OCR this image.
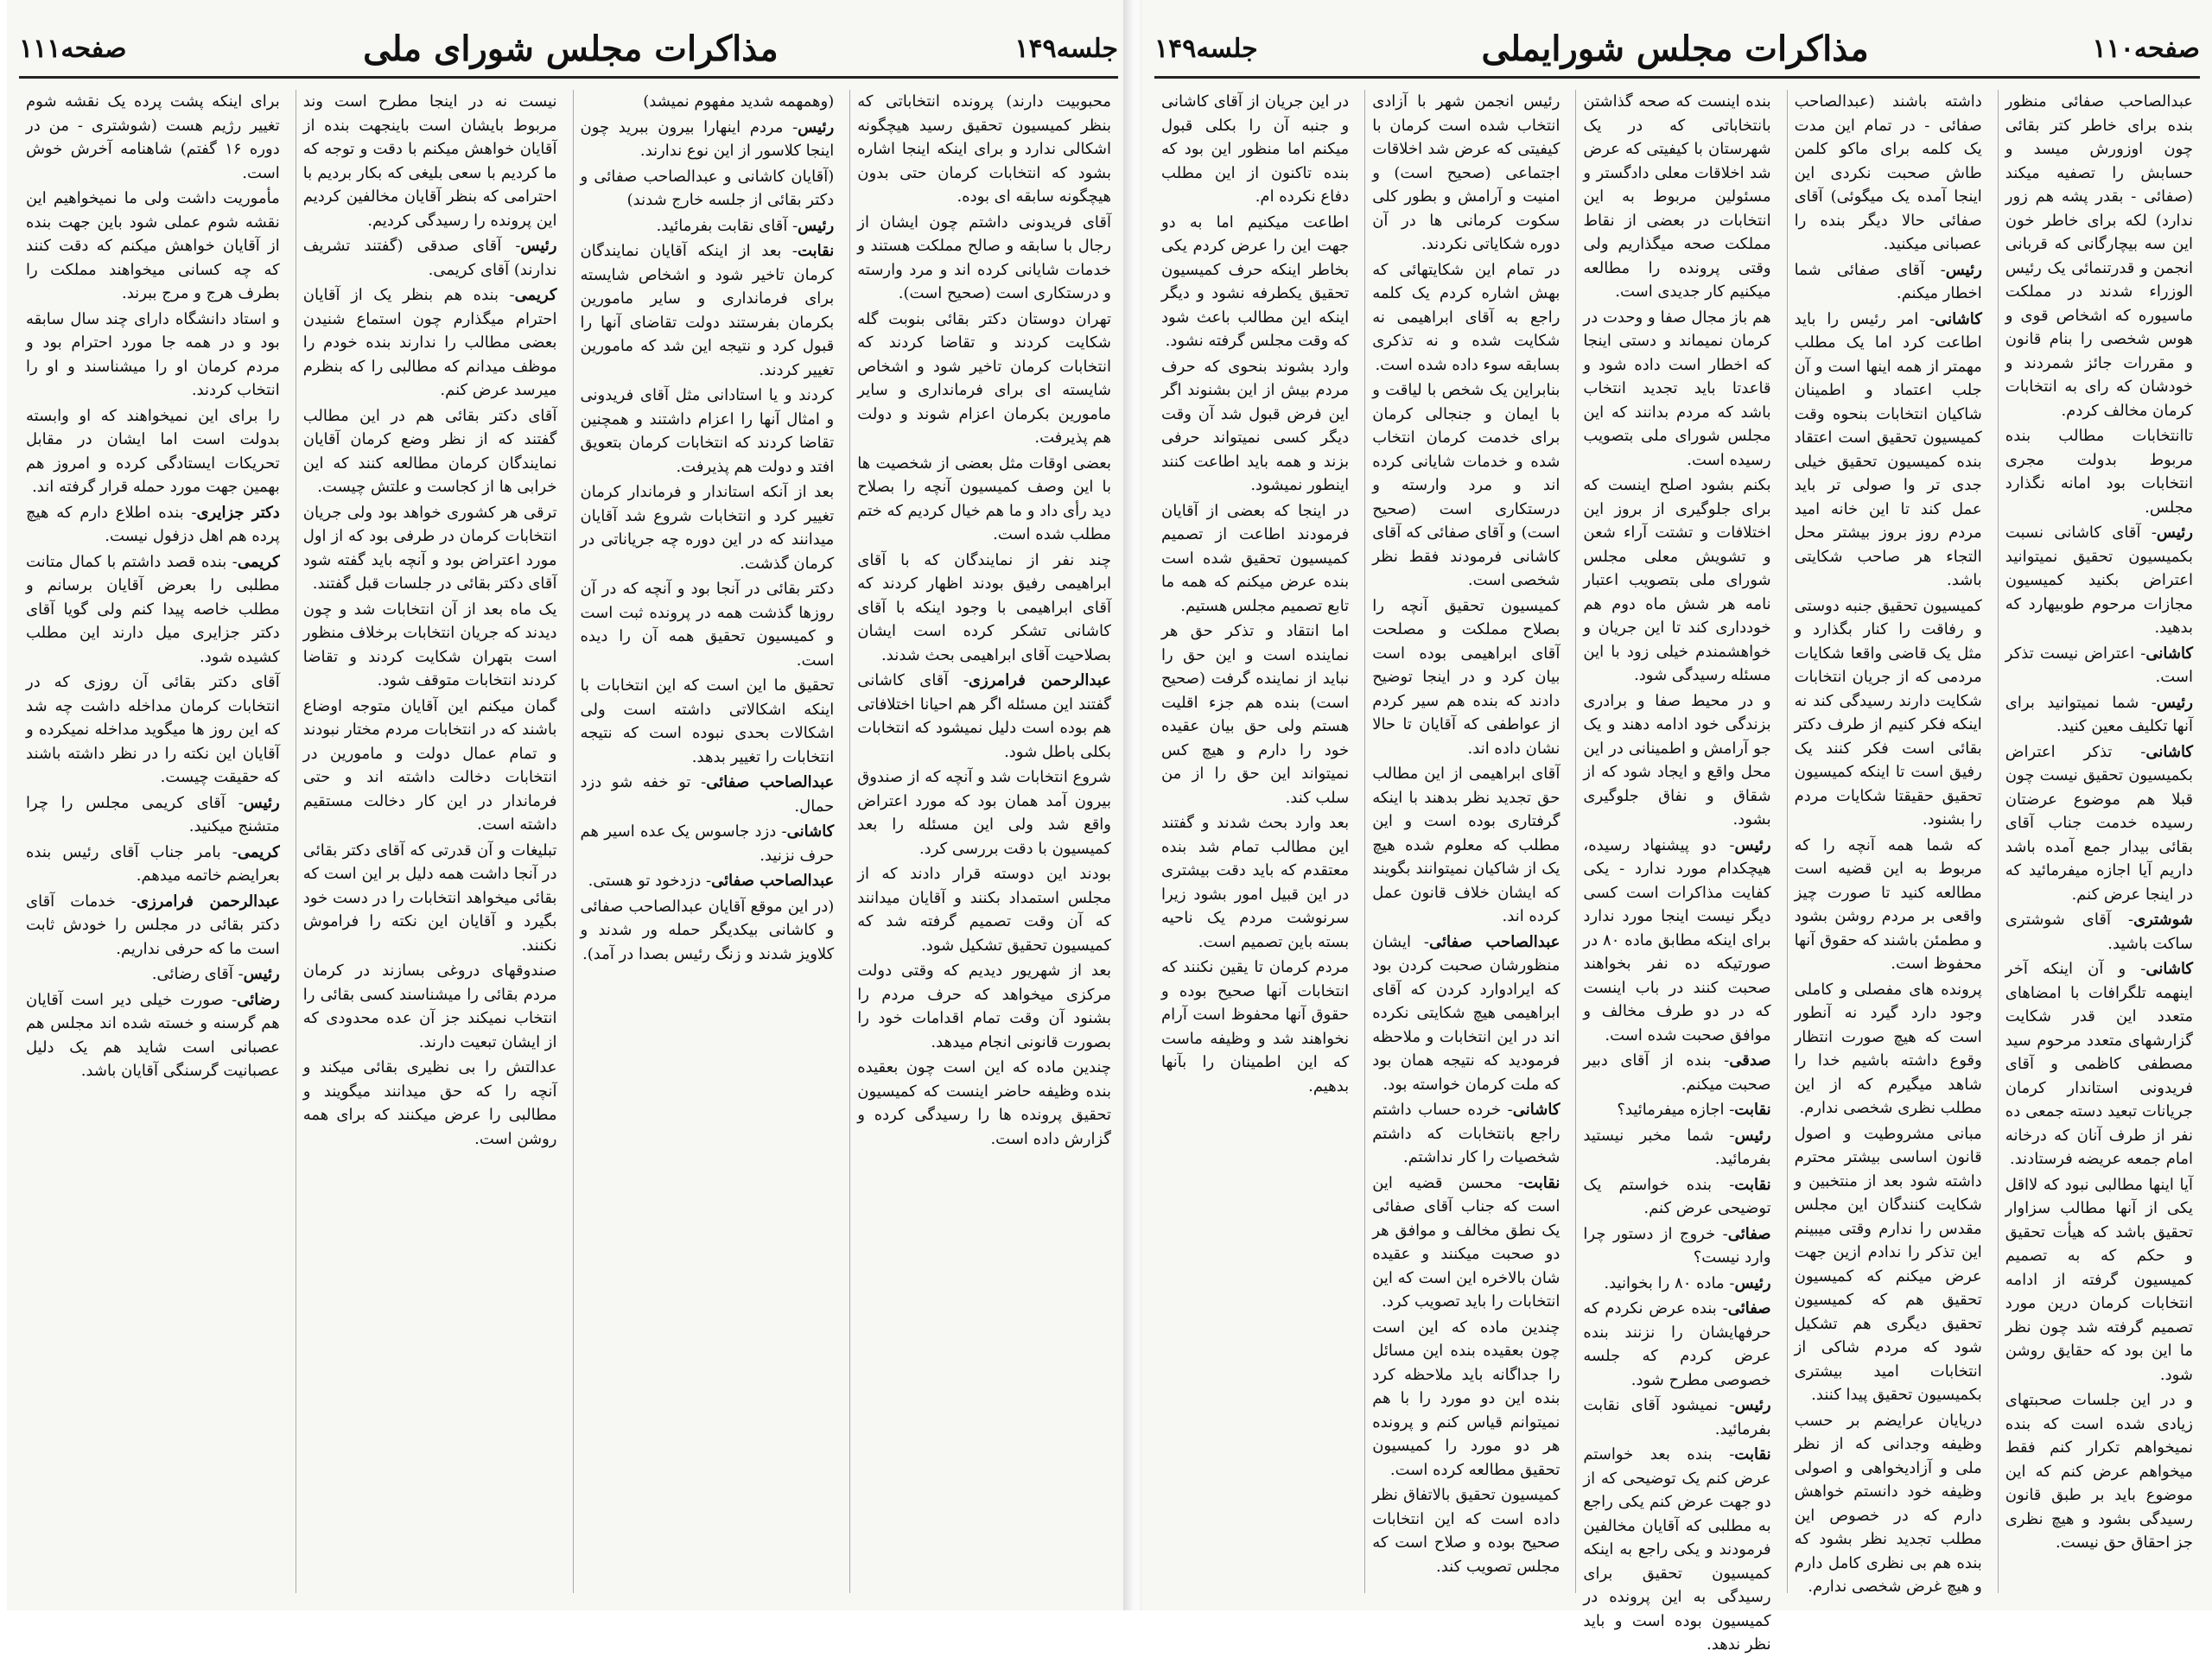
جلسه۱۴۹
مذاکرات مجلس شورای ملی
صفحه۱۱۱

محبوبیت دارند) پرونده انتخاباتی که بنظر کمیسیون تحقیق رسید هیچگونه اشکالی ندارد و برای اینکه اینجا اشاره بشود که انتخابات کرمان حتی بدون هیچگونه سابقه ای بوده.

آقای فریدونی داشتم چون ایشان از رجال با سابقه و صالح مملکت هستند و خدمات شایانی کرده اند و مرد وارسته و درستکاری است (صحیح است).

تهران دوستان دکتر بقائی بنوبت گله شکایت کردند و تقاضا کردند که انتخابات کرمان تاخیر شود و اشخاص شایسته ای برای فرمانداری و سایر مامورین بکرمان اعزام شوند و دولت هم پذیرفت.

بعضی اوقات مثل بعضی از شخصیت ها با این وصف کمیسیون آنچه را بصلاح دید رأی داد و ما هم خیال کردیم که ختم مطلب شده است.

چند نفر از نمایندگان که با آقای ابراهیمی رفیق بودند اظهار کردند که آقای ابراهیمی با وجود اینکه با آقای کاشانی تشکر کرده است ایشان بصلاحیت آقای ابراهیمی بحث شدند.

عبدالرحمن فرامرزی- آقای کاشانی گفتند این مسئله اگر هم احیانا اختلافاتی هم بوده است دلیل نمیشود که انتخابات بکلی باطل شود.

شروع انتخابات شد و آنچه که از صندوق بیرون آمد همان بود که مورد اعتراض واقع شد ولی این مسئله را بعد کمیسیون با دقت بررسی کرد.

بودند این دوسته قرار دادند که از مجلس استمداد بکنند و آقایان میدانند که آن وقت تصمیم گرفته شد که کمیسیون تحقیق تشکیل شود.

بعد از شهریور دیدیم که وقتی دولت مرکزی میخواهد که حرف مردم را بشنود آن وقت تمام اقدامات خود را بصورت قانونی انجام میدهد.

چندین ماده که این است چون بعقیده بنده وظیفه حاضر اینست که کمیسیون تحقیق پرونده ها را رسیدگی کرده و گزارش داده است.

(وهمهمه شدید مفهوم نمیشد)

رئیس- مردم اینهارا بیرون ببرید چون اینجا کلاسور از این نوع ندارند.

(آقایان کاشانی و عبدالصاحب صفائی و دکتر بقائی از جلسه خارج شدند)

رئیس- آقای نقابت بفرمائید.

نقابت- بعد از اینکه آقایان نمایندگان کرمان تاخیر شود و اشخاص شایسته برای فرمانداری و سایر مامورین بکرمان بفرستند دولت تقاضای آنها را قبول کرد و نتیجه این شد که مامورین تغییر کردند.

کردند و یا استادانی مثل آقای فریدونی و امثال آنها را اعزام داشتند و همچنین تقاضا کردند که انتخابات کرمان بتعویق افتد و دولت هم پذیرفت.

بعد از آنکه استاندار و فرماندار کرمان تغییر کرد و انتخابات شروع شد آقایان میدانند که در این دوره چه جریاناتی در کرمان گذشت.

دکتر بقائی در آنجا بود و آنچه که در آن روزها گذشت همه در پرونده ثبت است و کمیسیون تحقیق همه آن را دیده است.

تحقیق ما این است که این انتخابات با اینکه اشکالاتی داشته است ولی اشکالات بحدی نبوده است که نتیجه انتخابات را تغییر بدهد.

عبدالصاحب صفائی- تو خفه شو دزد حمال.

کاشانی- دزد جاسوس یک عده اسیر هم حرف نزنید.

عبدالصاحب صفائی- دزدخود تو هستی.

(در این موقع آقایان عبدالصاحب صفائی و کاشانی بیکدیگر حمله ور شدند و کلاویز شدند و زنگ رئیس بصدا در آمد).

نیست نه در اینجا مطرح است وند مربوط بایشان است باینجهت بنده از آقایان خواهش میکنم با دقت و توجه که ما کردیم با سعی بلیغی که بکار بردیم با احترامی که بنظر آقایان مخالفین کردیم این پرونده را رسیدگی کردیم.

رئیس- آقای صدقی (گفتند تشریف ندارند) آقای کریمی.

کریمی- بنده هم بنظر یک از آقایان احترام میگذارم چون استماع شنیدن بعضی مطالب را ندارند بنده خودم را موظف میدانم که مطالبی را که بنظرم میرسد عرض کنم.

آقای دکتر بقائی هم در این مطالب گفتند که از نظر وضع کرمان آقایان نمایندگان کرمان مطالعه کنند که این خرابی ها از کجاست و علتش چیست.

ترقی هر کشوری خواهد بود ولی جریان انتخابات کرمان در طرفی بود که از اول مورد اعتراض بود و آنچه باید گفته شود آقای دکتر بقائی در جلسات قبل گفتند.

یک ماه بعد از آن انتخابات شد و چون دیدند که جریان انتخابات برخلاف منظور است بتهران شکایت کردند و تقاضا کردند انتخابات متوقف شود.

گمان میکنم این آقایان متوجه اوضاع باشند که در انتخابات مردم مختار نبودند و تمام عمال دولت و مامورین در انتخابات دخالت داشته اند و حتی فرماندار در این کار دخالت مستقیم داشته است.

تبلیغات و آن قدرتی که آقای دکتر بقائی در آنجا داشت همه دلیل بر این است که بقائی میخواهد انتخابات را در دست خود بگیرد و آقایان این نکته را فراموش نکنند.

صندوقهای دروغی بسازند در کرمان مردم بقائی را میشناسند کسی بقائی را انتخاب نمیکند جز آن عده محدودی که از ایشان تبعیت دارند.

عدالتش را بی نظیری بقائی میکند و آنچه را که حق میدانند میگویند و مطالبی را عرض میکنند که برای همه روشن است.

برای اینکه پشت پرده یک نقشه شوم تغییر رژیم هست (شوشتری - من در دوره ۱۶ گفتم) شاهنامه آخرش خوش است.

مأموریت داشت ولی ما نمیخواهیم این نقشه شوم عملی شود باین جهت بنده از آقایان خواهش میکنم که دقت کنند که چه کسانی میخواهند مملکت را بطرف هرج و مرج ببرند.

و استاد دانشگاه دارای چند سال سابقه بود و در همه جا مورد احترام بود و مردم کرمان او را میشناسند و او را انتخاب کردند.

را برای این نمیخواهند که او وابسته بدولت است اما ایشان در مقابل تحریکات ایستادگی کرده و امروز هم بهمین جهت مورد حمله قرار گرفته اند.

دکتر جزایری- بنده اطلاع دارم که هیچ پرده هم اهل دزفول نیست.

کریمی- بنده قصد داشتم با کمال متانت مطلبی را بعرض آقایان برسانم و مطلب خاصه پیدا کنم ولی گویا آقای دکتر جزایری میل دارند این مطلب کشیده شود.

آقای دکتر بقائی آن روزی که در انتخابات کرمان مداخله داشت چه شد که این روز ها میگوید مداخله نمیکرده و آقایان این نکته را در نظر داشته باشند که حقیقت چیست.

رئیس- آقای کریمی مجلس را چرا متشنج میکنید.

کریمی- بامر جناب آقای رئیس بنده بعرایضم خاتمه میدهم.

عبدالرحمن فرامرزی- خدمات آقای دکتر بقائی در مجلس را خودش ثابت است ما که حرفی نداریم.

رئیس- آقای رضائی.

رضائی- صورت خیلی دیر است آقایان هم گرسنه و خسته شده اند مجلس هم عصبانی است شاید هم یک دلیل عصبانیت گرسنگی آقایان باشد.

صفحه۱۱۰
مذاکرات مجلس شورایملی
جلسه۱۴۹

عبدالصاحب صفائی منظور بنده برای خاطر کتر بقائی چون اوزورش میسد و حسابش را تصفیه میکند (صفائی - بقدر پشه هم زور ندارد) لکه برای خاطر خون این سه بیچارگانی که قربانی انجمن و قدرتنمائی یک رئیس الوزراء شدند در مملکت ماسیوره که اشخاص قوی و هوس شخصی را بنام قانون و مقررات جائز شمردند و خودشان که رای به انتخابات کرمان مخالف کردم.

تاانتخابات مطالب بنده مربوط بدولت مجری انتخابات بود امانه نگذارد مجلس.

رئیس- آقای کاشانی نسبت بکمیسیون تحقیق نمیتوانید اعتراض بکنید کمیسیون مجازات مرحوم طوبیهارد که بدهید.

کاشانی- اعتراض نیست تذکر است.

رئیس- شما نمیتوانید برای آنها تکلیف معین کنید.

کاشانی- تذکر اعتراض بکمیسیون تحقیق نیست چون قبلا هم موضوع عرضتان رسیده خدمت جناب آقای بقائی بیدار جمع آمده باشد داریم آیا اجازه میفرمائید که در اینجا عرض کنم.

شوشتری- آقای شوشتری ساکت باشید.

کاشانی- و آن اینکه آخر اینهمه تلگرافات با امضاهای متعدد این قدر شکایت گزارشهای متعدد مرحوم سید مصطفی کاظمی و آقای فریدونی استاندار کرمان جریانات تبعید دسته جمعی ده نفر از طرف آنان که درخانه امام جمعه عریضه فرستادند.

آیا اینها مطالبی نبود که لااقل یکی از آنها مطالب سزاوار تحقیق باشد که هیأت تحقیق و حکم که به تصمیم کمیسیون گرفته از ادامه انتخابات کرمان درین مورد تصمیم گرفته شد چون نظر ما این بود که حقایق روشن شود.

و در این جلسات صحبتهای زیادی شده است که بنده نمیخواهم تکرار کنم فقط میخواهم عرض کنم که این موضوع باید بر طبق قانون رسیدگی بشود و هیچ نظری جز احقاق حق نیست.

داشته باشند (عبدالصاحب صفائی - در تمام این مدت یک کلمه برای ماکو کلمن طاش صحبت نکردی این اینجا آمده یک میگوئی) آقای صفائی حالا دیگر بنده را عصبانی میکنید.

رئیس- آقای صفائی شما اخطار میکنم.

کاشانی- امر رئیس را باید اطاعت کرد اما یک مطلب مهمتر از همه اینها است و آن جلب اعتماد و اطمینان شاکیان انتخابات بنحوه وقت کمیسیون تحقیق است اعتقاد بنده کمیسیون تحقیق خیلی جدی تر وا صولی تر باید عمل کند تا این خانه امید مردم روز بروز بیشتر محل التجاء هر صاحب شکایتی باشد.

کمیسیون تحقیق جنبه دوستی و رفاقت را کنار بگذارد و مثل یک قاضی واقعا شکایات مردمی که از جریان انتخابات شکایت دارند رسیدگی کند نه اینکه فکر کنیم از طرف دکتر بقائی است فکر کنند یک رفیق است تا اینکه کمیسیون تحقیق حقیقتا شکایات مردم را بشنود.

که شما همه آنچه را که مربوط به این قضیه است مطالعه کنید تا صورت چیز واقعی بر مردم روشن بشود و مطمئن باشند که حقوق آنها محفوظ است.

پرونده های مفصلی و کاملی وجود دارد گیرد نه آنطور است که هیچ صورت انتظار وقوع داشته باشیم خدا را شاهد میگیرم که از این مطلب نظری شخصی ندارم.

مبانی مشروطیت و اصول قانون اساسی بیشتر محترم داشته شود بعد از منتخبین و شکایت کنندگان این مجلس مقدس را ندارم وقتی میبینم این تذکر را ندادم ازین جهت عرض میکنم که کمیسیون تحقیق هم که کمیسیون تحقیق دیگری هم تشکیل شود که مردم شاکی از انتخابات امید بیشتری بکمیسیون تحقیق پیدا کنند.

دریایان عرایضم بر حسب وظیفه وجدانی که از نظر ملی و آزادیخواهی و اصولی وظیفه خود دانستم خواهش دارم که در خصوص این مطلب تجدید نظر بشود که بنده هم بی نظری کامل دارم و هیچ غرض شخصی ندارم.

بنده اینست که صحه گذاشتن بانتخاباتی که در یک شهرستان با کیفیتی که عرض شد اخلاقات معلی دادگستر و مسئولین مربوط به این انتخابات در بعضی از نقاط مملکت صحه میگذاریم ولی وقتی پرونده را مطالعه میکنیم کار جدیدی است.

هم باز مجال صفا و وحدت در کرمان نمیماند و دستی اینجا که اخطار است داده شود و قاعدتا باید تجدید انتخاب باشد که مردم بدانند که این مجلس شورای ملی بتصویب رسیده است.

بکنم بشود اصلح اینست که برای جلوگیری از بروز این اختلافات و تشتت آراء شعن و تشویش معلی مجلس شورای ملی بتصویب اعتبار نامه هر شش ماه دوم هم خودداری کند تا این جریان و خواهشمندم خیلی زود با این مسئله رسیدگی شود.

و در محیط صفا و برادری بزندگی خود ادامه دهند و یک جو آرامش و اطمینانی در این محل واقع و ایجاد شود که از شقاق و نفاق جلوگیری بشود.

رئیس- دو پیشنهاد رسیده، هیچکدام مورد ندارد - یکی کفایت مذاکرات است کسی دیگر نیست اینجا مورد ندارد برای اینکه مطابق ماده ۸۰ در صورتیکه ده نفر بخواهند صحبت کنند در باب اینست که در دو طرف مخالف و موافق صحبت شده است.

صدقی- بنده از آقای دبیر صحبت میکنم.

نقابت- اجازه میفرمائید؟

رئیس- شما مخبر نیستید بفرمائید.

نقابت- بنده خواستم یک توضیحی عرض کنم.

صفائی- خروج از دستور چرا وارد نیست؟

رئیس- ماده ۸۰ را بخوانید.

صفائی- بنده عرض نکردم که حرفهایشان را نزنند بنده عرض کردم که جلسه خصوصی مطرح شود.

رئیس- نمیشود آقای نقابت بفرمائید.

نقابت- بنده بعد خواستم عرض کنم یک توضیحی که از دو جهت عرض کنم یکی راجع به مطلبی که آقایان مخالفین فرمودند و یکی راجع به اینکه کمیسیون تحقیق برای رسیدگی به این پرونده در کمیسیون بوده است و باید نظر ندهد.

رئیس انجمن شهر با آزادی انتخاب شده است کرمان با کیفیتی که عرض شد اخلاقات اجتماعی (صحیح است) و امنیت و آرامش و بطور کلی سکوت کرمانی ها در آن دوره شکایاتی نکردند.

در تمام این شکایتهائی که بهش اشاره کردم یک کلمه راجع به آقای ابراهیمی نه شکایت شده و نه تذکری بسابقه سوء داده شده است.

بنابراین یک شخص با لیاقت و با ایمان و جنجالی کرمان برای خدمت کرمان انتخاب شده و خدمات شایانی کرده اند و مرد وارسته و درستکاری است (صحیح است) و آقای صفائی که آقای کاشانی فرمودند فقط نظر شخصی است.

کمیسیون تحقیق آنچه را بصلاح مملکت و مصلحت آقای ابراهیمی بوده است بیان کرد و در اینجا توضیح دادند که بنده هم سیر کردم از عواطفی که آقایان تا حالا نشان داده اند.

آقای ابراهیمی از این مطالب حق تجدید نظر بدهند با اینکه گرفتاری بوده است و این مطلب که معلوم شده هیچ یک از شاکیان نمیتوانند بگویند که ایشان خلاف قانون عمل کرده اند.

عبدالصاحب صفائی- ایشان منظورشان صحبت کردن بود که ایرادوارد کردن که آقای ابراهیمی هیچ شکایتی نکرده اند در این انتخابات و ملاحظه فرمودید که نتیجه همان بود که ملت کرمان خواسته بود.

کاشانی- خرده حساب داشتم راجع بانتخابات که داشتم شخصیات را کار نداشتم.

نقابت- محسن قضیه این است که جناب آقای صفائی یک نطق مخالف و موافق هر دو صحبت میکنند و عقیده شان بالاخره این است که این انتخابات را باید تصویب کرد.

چندین ماده که این است چون بعقیده بنده این مسائل را جداگانه باید ملاحظه کرد بنده این دو مورد را با هم نمیتوانم قیاس کنم و پرونده هر دو مورد را کمیسیون تحقیق مطالعه کرده است.

کمیسیون تحقیق بالاتفاق نظر داده است که این انتخابات صحیح بوده و صلاح است که مجلس تصویب کند.

در این جریان از آقای کاشانی و جنبه آن را بکلی قبول میکنم اما منظور این بود که بنده تاکنون از این مطلب دفاع نکرده ام.

اطاعت میکنیم اما به دو جهت این را عرض کردم یکی بخاطر اینکه حرف کمیسیون تحقیق یکطرفه نشود و دیگر اینکه این مطالب باعث شود که وقت مجلس گرفته نشود.

وارد بشوند بنحوی که حرف مردم بیش از این بشنوند اگر این فرض قبول شد آن وقت دیگر کسی نمیتواند حرفی بزند و همه باید اطاعت کنند اینطور نمیشود.

در اینجا که بعضی از آقایان فرمودند اطاعت از تصمیم کمیسیون تحقیق شده است بنده عرض میکنم که همه ما تابع تصمیم مجلس هستیم.

اما انتقاد و تذکر حق هر نماینده است و این حق را نباید از نماینده گرفت (صحیح است) بنده هم جزء اقلیت هستم ولی حق بیان عقیده خود را دارم و هیچ کس نمیتواند این حق را از من سلب کند.

بعد وارد بحث شدند و گفتند این مطالب تمام شد بنده معتقدم که باید دقت بیشتری در این قبیل امور بشود زیرا سرنوشت مردم یک ناحیه بسته باین تصمیم است.

مردم کرمان تا یقین نکنند که انتخابات آنها صحیح بوده و حقوق آنها محفوظ است آرام نخواهند شد و وظیفه ماست که این اطمینان را بآنها بدهیم.
